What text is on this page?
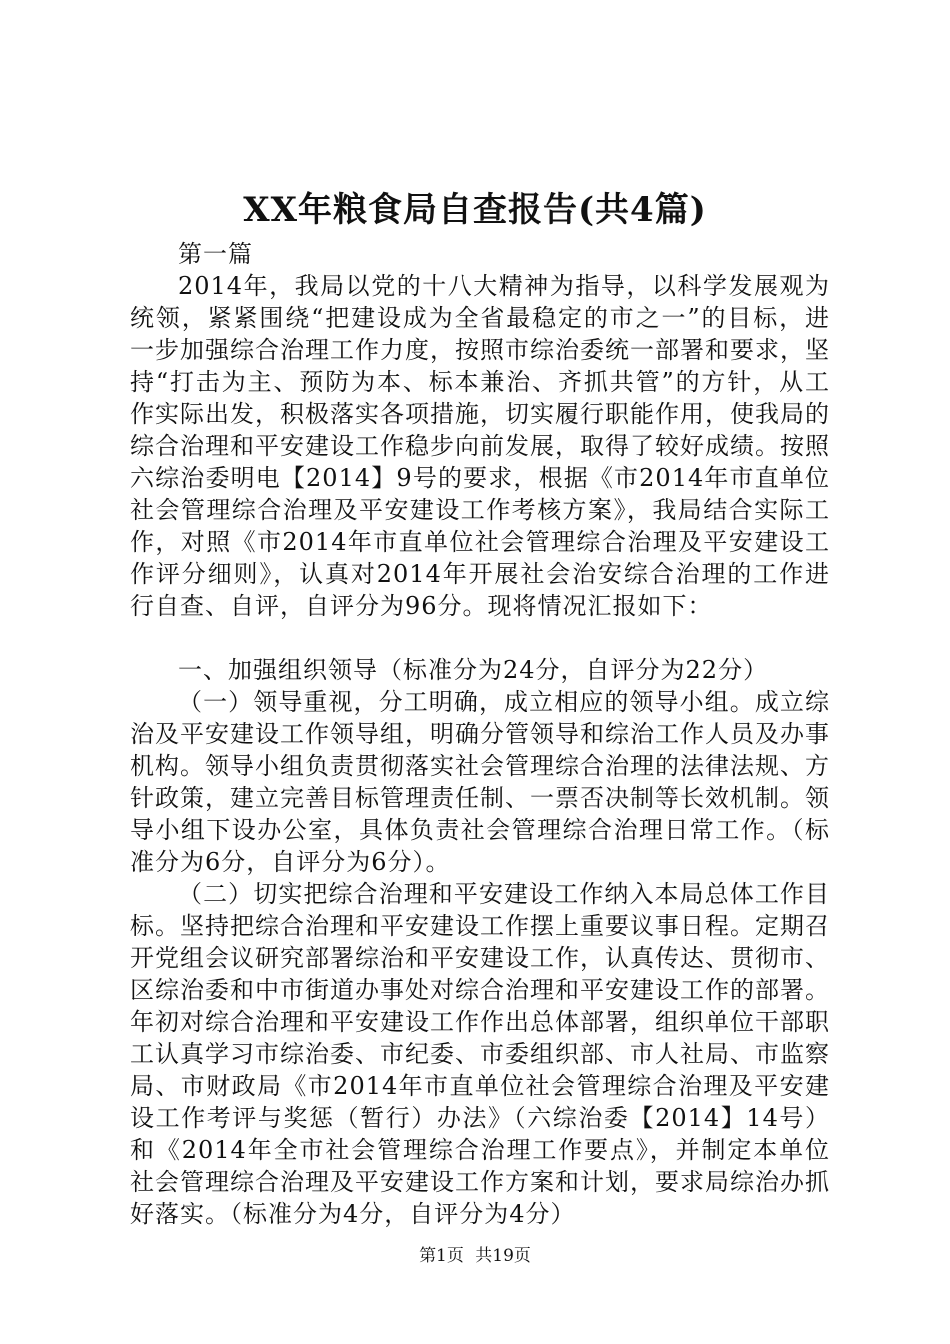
XX年粮食局自查报告(共4篇)

第一篇

2014年，我局以党的十八大精神为指导，以科学发展观为统领，紧紧围绕“把建设成为全省最稳定的市之一”的目标，进一步加强综合治理工作力度，按照市综治委统一部署和要求，坚持“打击为主、预防为本、标本兼治、齐抓共管”的方针，从工作实际出发，积极落实各项措施，切实履行职能作用，使我局的综合治理和平安建设工作稳步向前发展，取得了较好成绩。按照六综治委明电【2014】9号的要求，根据《市2014年市直单位社会管理综合治理及平安建设工作考核方案》，我局结合实际工作，对照《市2014年市直单位社会管理综合治理及平安建设工作评分细则》，认真对2014年开展社会治安综合治理的工作进行自查、自评，自评分为96分。现将情况汇报如下：

一、加强组织领导（标准分为24分，自评分为22分）

（一）领导重视，分工明确，成立相应的领导小组。成立综治及平安建设工作领导组，明确分管领导和综治工作人员及办事机构。领导小组负责贯彻落实社会管理综合治理的法律法规、方针政策，建立完善目标管理责任制、一票否决制等长效机制。领导小组下设办公室，具体负责社会管理综合治理日常工作。（标准分为6分，自评分为6分）。

（二）切实把综合治理和平安建设工作纳入本局总体工作目标。坚持把综合治理和平安建设工作摆上重要议事日程。定期召开党组会议研究部署综治和平安建设工作，认真传达、贯彻市、区综治委和中市街道办事处对综合治理和平安建设工作的部署。年初对综合治理和平安建设工作作出总体部署，组织单位干部职工认真学习市综治委、市纪委、市委组织部、市人社局、市监察局、市财政局《市2014年市直单位社会管理综合治理及平安建设工作考评与奖惩（暂行）办法》（六综治委【2014】14号）和《2014年全市社会管理综合治理工作要点》，并制定本单位社会管理综合治理及平安建设工作方案和计划，要求局综治办抓好落实。（标准分为4分，自评分为4分）

第1页 共19页
